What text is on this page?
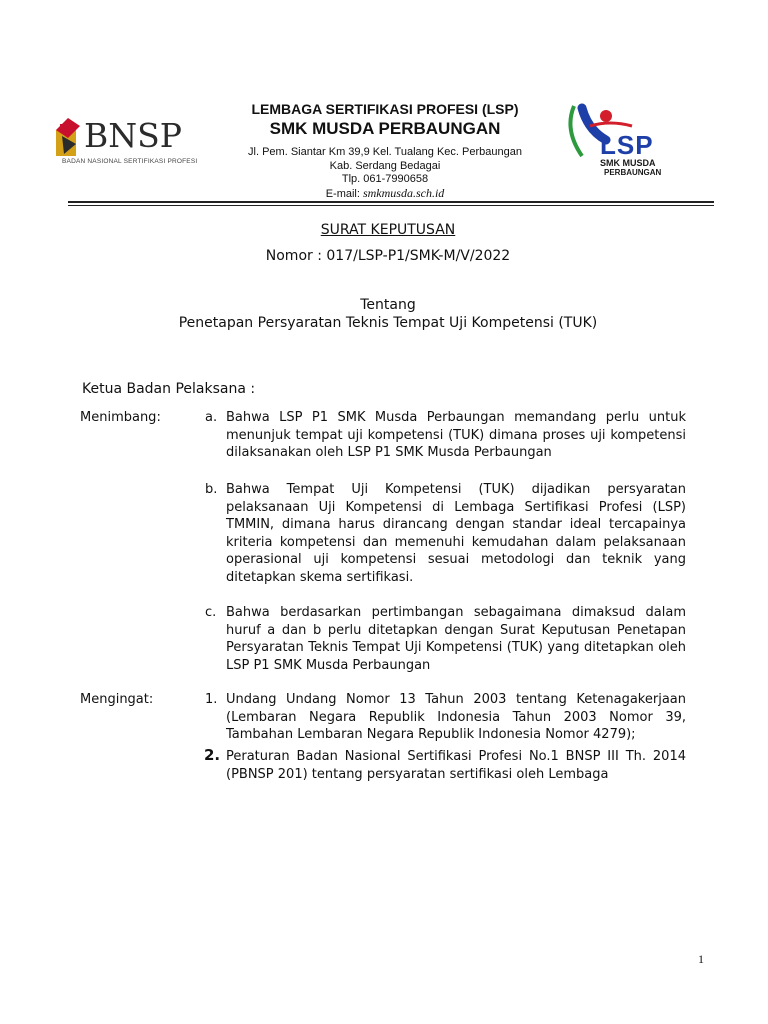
BNSP
BADAN NASIONAL SERTIFIKASI PROFESI
LEMBAGA SERTIFIKASI PROFESI (LSP)
SMK MUSDA PERBAUNGAN
Jl. Pem. Siantar Km 39,9 Kel. Tualang Kec. Perbaungan
Kab. Serdang Bedagai
Tlp. 061-7990658
E-mail: smkmusda.sch.id
LSP
SMK MUSDA
PERBAUNGAN
SURAT KEPUTUSAN
Nomor : 017/LSP-P1/SMK-M/V/2022
Tentang
Penetapan Persyaratan Teknis Tempat Uji Kompetensi (TUK)
Ketua Badan Pelaksana :
Menimbang:	a. Bahwa LSP P1 SMK Musda Perbaungan memandang perlu untuk menunjuk tempat uji kompetensi (TUK) dimana proses uji kompetensi dilaksanakan oleh LSP P1 SMK Musda Perbaungan

b. Bahwa Tempat Uji Kompetensi (TUK) dijadikan persyaratan pelaksanaan Uji Kompetensi di Lembaga Sertifikasi Profesi (LSP) TMMIN, dimana harus dirancang dengan standar ideal tercapainya kriteria kompetensi dan memenuhi kemudahan dalam pelaksanaan operasional uji kompetensi sesuai metodologi dan teknik yang ditetapkan skema sertifikasi.

c. Bahwa berdasarkan pertimbangan sebagaimana dimaksud dalam huruf a dan b perlu ditetapkan dengan Surat Keputusan Penetapan Persyaratan Teknis Tempat Uji Kompetensi (TUK) yang ditetapkan oleh LSP P1 SMK Musda Perbaungan

Mengingat:	1. Undang Undang Nomor 13 Tahun 2003 tentang Ketenagakerjaan (Lembaran Negara Republik Indonesia Tahun 2003 Nomor 39, Tambahan Lembaran Negara Republik Indonesia Nomor 4279);

2. Peraturan Badan Nasional Sertifikasi Profesi No.1 BNSP III Th. 2014 (PBNSP 201) tentang persyaratan sertifikasi oleh Lembaga

1
